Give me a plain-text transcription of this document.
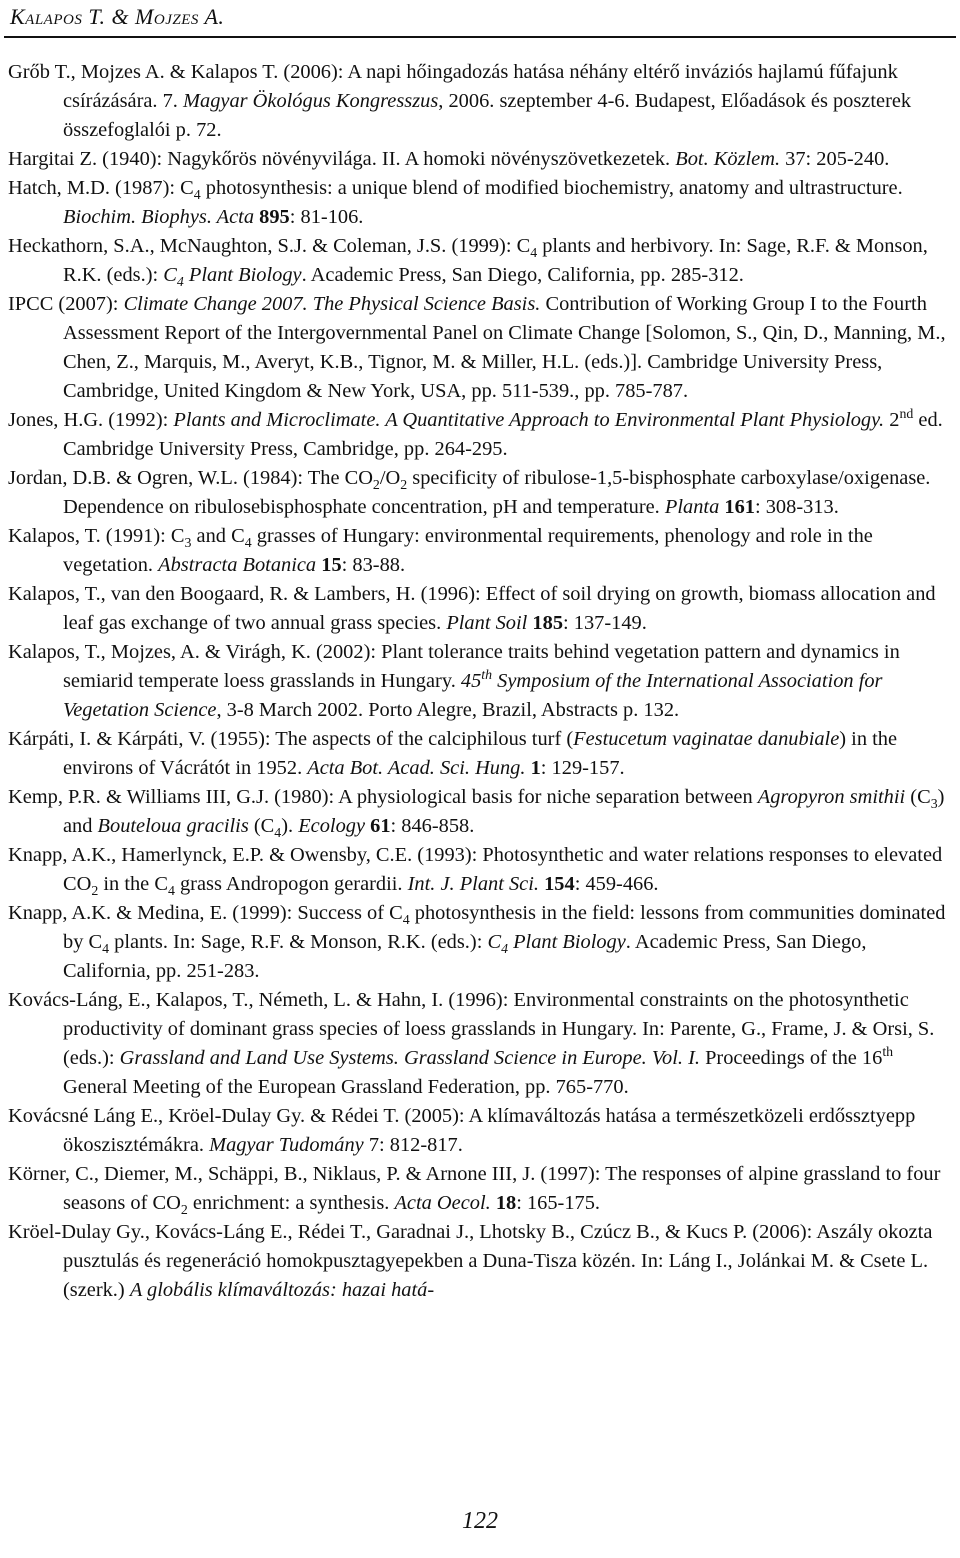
Kalapos T. & Mojzes A.

Grőb T., Mojzes A. & Kalapos T. (2006): A napi hőingadozás hatása néhány eltérő inváziós hajlamú fűfajunk csírázására. 7. Magyar Ökológus Kongresszus, 2006. szeptember 4-6. Budapest, Előadások és poszterek összefoglalói p. 72.

Hargitai Z. (1940): Nagykőrös növényvilága. II. A homoki növényszövetkezetek. Bot. Közlem. 37: 205-240.

Hatch, M.D. (1987): $C_4$ photosynthesis: a unique blend of modified biochemistry, anatomy and ultrastructure. Biochim. Biophys. Acta 895: 81-106.

Heckathorn, S.A., McNaughton, S.J. & Coleman, J.S. (1999): $C_4$ plants and herbivory. In: Sage, R.F. & Monson, R.K. (eds.): $C_4$ Plant Biology. Academic Press, San Diego, California, pp. 285-312.

IPCC (2007): Climate Change 2007. The Physical Science Basis. Contribution of Working Group I to the Fourth Assessment Report of the Intergovernmental Panel on Climate Change [Solomon, S., Qin, D., Manning, M., Chen, Z., Marquis, M., Averyt, K.B., Tignor, M. & Miller, H.L. (eds.)]. Cambridge University Press, Cambridge, United Kingdom & New York, USA, pp. 511-539., pp. 785-787.

Jones, H.G. (1992): Plants and Microclimate. A Quantitative Approach to Environmental Plant Physiology. 2nd ed. Cambridge University Press, Cambridge, pp. 264-295.

Jordan, D.B. & Ogren, W.L. (1984): The $CO_2/O_2$ specificity of ribulose-1,5-bisphosphate carboxylase/oxigenase. Dependence on ribulosebisphosphate concentration, pH and temperature. Planta 161: 308-313.

Kalapos, T. (1991): $C_3$ and $C_4$ grasses of Hungary: environmental requirements, phenology and role in the vegetation. Abstracta Botanica 15: 83-88.

Kalapos, T., van den Boogaard, R. & Lambers, H. (1996): Effect of soil drying on growth, biomass allocation and leaf gas exchange of two annual grass species. Plant Soil 185: 137-149.

Kalapos, T., Mojzes, A. & Virágh, K. (2002): Plant tolerance traits behind vegetation pattern and dynamics in semiarid temperate loess grasslands in Hungary. 45th Symposium of the International Association for Vegetation Science, 3-8 March 2002. Porto Alegre, Brazil, Abstracts p. 132.

Kárpáti, I. & Kárpáti, V. (1955): The aspects of the calciphilous turf (Festucetum vaginatae danubiale) in the environs of Vácrátót in 1952. Acta Bot. Acad. Sci. Hung. 1: 129-157.

Kemp, P.R. & Williams III, G.J. (1980): A physiological basis for niche separation between Agropyron smithii $(C_3)$ and Bouteloua gracilis $(C_4)$. Ecology 61: 846-858.

Knapp, A.K., Hamerlynck, E.P. & Owensby, C.E. (1993): Photosynthetic and water relations responses to elevated $CO_2$ in the $C_4$ grass Andropogon gerardii. Int. J. Plant Sci. 154: 459-466.

Knapp, A.K. & Medina, E. (1999): Success of $C_4$ photosynthesis in the field: lessons from communities dominated by $C_4$ plants. In: Sage, R.F. & Monson, R.K. (eds.): $C_4$ Plant Biology. Academic Press, San Diego, California, pp. 251-283.

Kovács-Láng, E., Kalapos, T., Németh, L. & Hahn, I. (1996): Environmental constraints on the photosynthetic productivity of dominant grass species of loess grasslands in Hungary. In: Parente, G., Frame, J. & Orsi, S. (eds.): Grassland and Land Use Systems. Grassland Science in Europe. Vol. I. Proceedings of the 16th General Meeting of the European Grassland Federation, pp. 765-770.

Kovácsné Láng E., Kröel-Dulay Gy. & Rédei T. (2005): A klímaváltozás hatása a természetközeli erdőssztyepp ökoszisztémákra. Magyar Tudomány 7: 812-817.

Körner, C., Diemer, M., Schäppi, B., Niklaus, P. & Arnone III, J. (1997): The responses of alpine grassland to four seasons of $CO_2$ enrichment: a synthesis. Acta Oecol. 18: 165-175.

Kröel-Dulay Gy., Kovács-Láng E., Rédei T., Garadnai J., Lhotsky B., Czúcz B., & Kucs P. (2006): Aszály okozta pusztulás és regeneráció homokpusztagyepekben a Duna-Tisza közén. In: Láng I., Jolánkai M. & Csete L. (szerk.) A globális klímaváltozás: hazai hatá-

122
